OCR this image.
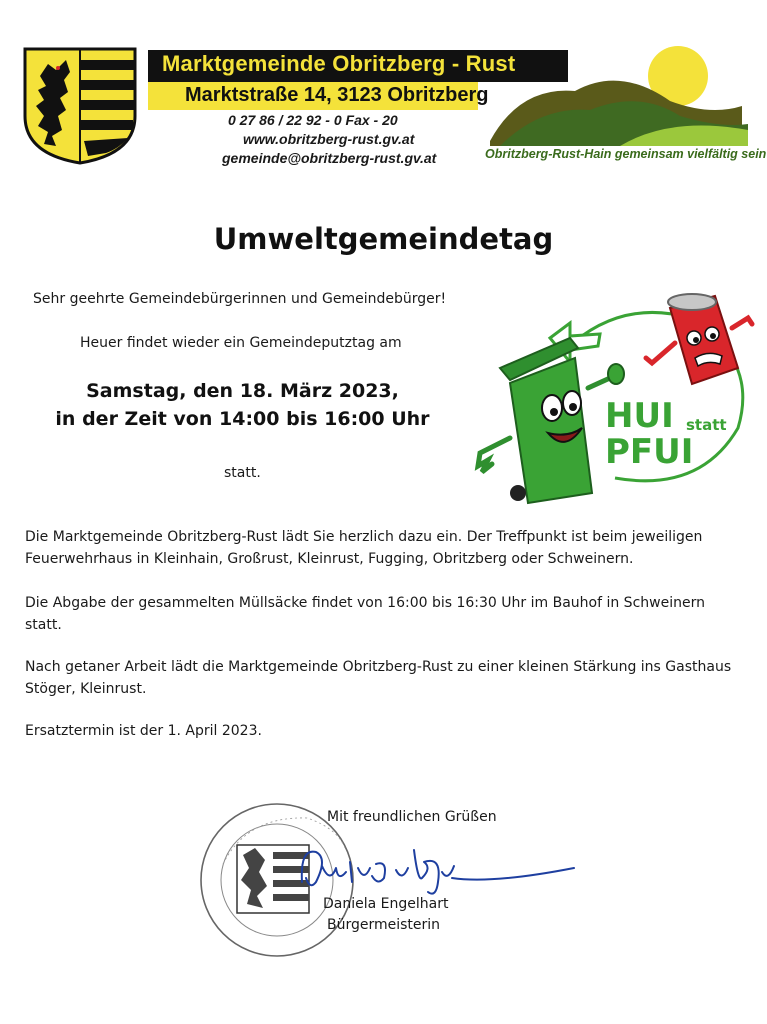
Marktgemeinde Obritzberg - Rust
Marktstraße 14, 3123 Obritzberg
0 27 86 / 22 92 - 0 Fax - 20
www.obritzberg-rust.gv.at
gemeinde@obritzberg-rust.gv.at	Obritzberg-Rust-Hain gemeinsam vielfältig sein
Umweltgemeindetag
Sehr geehrte Gemeindebürgerinnen und Gemeindebürger!
Heuer findet wieder ein Gemeindeputztag am
Samstag, den 18. März 2023,
in der Zeit von 14:00 bis 16:00 Uhr
statt.
HUI statt
PFUI
Die Marktgemeinde Obritzberg-Rust lädt Sie herzlich dazu ein. Der Treffpunkt ist beim jeweiligen Feuerwehrhaus in Kleinhain, Großrust, Kleinrust, Fugging, Obritzberg oder Schweinern.
Die Abgabe der gesammelten Müllsäcke findet von 16:00 bis 16:30 Uhr im Bauhof in Schweinern statt.
Nach getaner Arbeit lädt die Marktgemeinde Obritzberg-Rust zu einer kleinen Stärkung ins Gasthaus Stöger, Kleinrust.
Ersatztermin ist der 1. April 2023.
Mit freundlichen Grüßen
Daniela Engelhart
Bürgermeisterin
